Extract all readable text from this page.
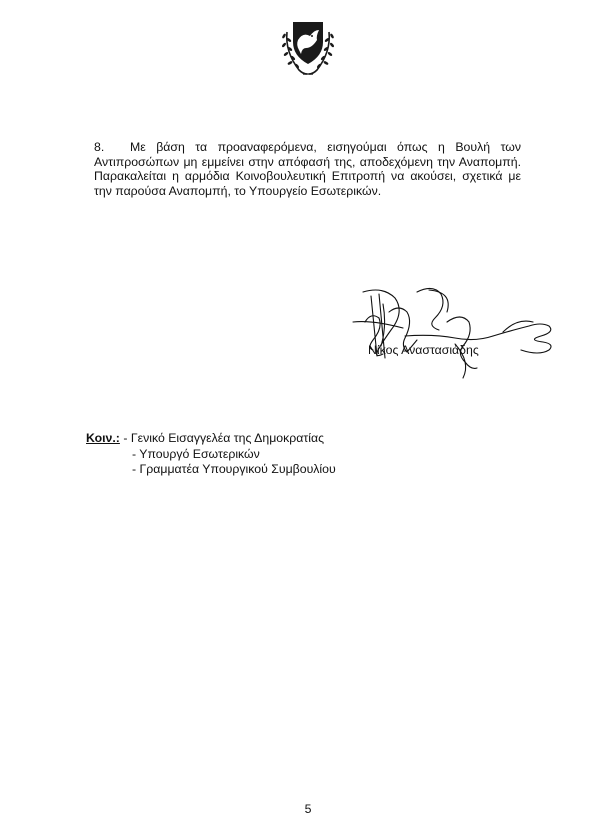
8. Με βάση τα προαναφερόμενα, εισηγούμαι όπως η Βουλή των
Αντιπροσώπων μη εμμείνει στην απόφασή της, αποδεχόμενη την Αναπομπή.
Παρακαλείται η αρμόδια Κοινοβουλευτική Επιτροπή να ακούσει, σχετικά με
την παρούσα Αναπομπή, το Υπουργείο Εσωτερικών.
Νίκος Αναστασιάδης
Κοιν.: - Γενικό Εισαγγελέα της Δημοκρατίας
- Υπουργό Εσωτερικών
- Γραμματέα Υπουργικού Συμβουλίου
5
